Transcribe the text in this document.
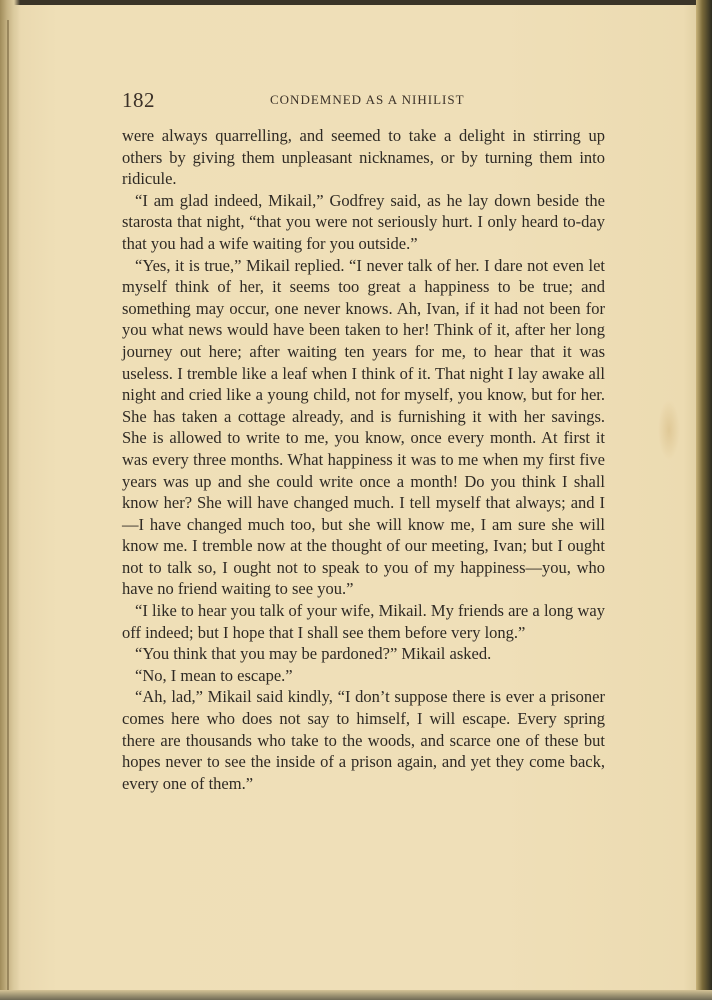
182	CONDEMNED AS A NIHILIST

were always quarrelling, and seemed to take a delight in stirring up others by giving them unpleasant nicknames, or by turning them into ridicule.

“I am glad indeed, Mikail,” Godfrey said, as he lay down beside the starosta that night, “that you were not seriously hurt. I only heard to-day that you had a wife waiting for you outside.”

“Yes, it is true,” Mikail replied. “I never talk of her. I dare not even let myself think of her, it seems too great a happiness to be true; and something may occur, one never knows. Ah, Ivan, if it had not been for you what news would have been taken to her! Think of it, after her long journey out here; after waiting ten years for me, to hear that it was useless. I tremble like a leaf when I think of it. That night I lay awake all night and cried like a young child, not for myself, you know, but for her. She has taken a cottage already, and is furnishing it with her savings. She is allowed to write to me, you know, once every month. At first it was every three months. What happiness it was to me when my first five years was up and she could write once a month! Do you think I shall know her? She will have changed much. I tell myself that always; and I—I have changed much too, but she will know me, I am sure she will know me. I tremble now at the thought of our meeting, Ivan; but I ought not to talk so, I ought not to speak to you of my happiness—you, who have no friend waiting to see you.”

“I like to hear you talk of your wife, Mikail. My friends are a long way off indeed; but I hope that I shall see them before very long.”

“You think that you may be pardoned?” Mikail asked.

“No, I mean to escape.”

“Ah, lad,” Mikail said kindly, “I don’t suppose there is ever a prisoner comes here who does not say to himself, I will escape. Every spring there are thousands who take to the woods, and scarce one of these but hopes never to see the inside of a prison again, and yet they come back, every one of them.”
